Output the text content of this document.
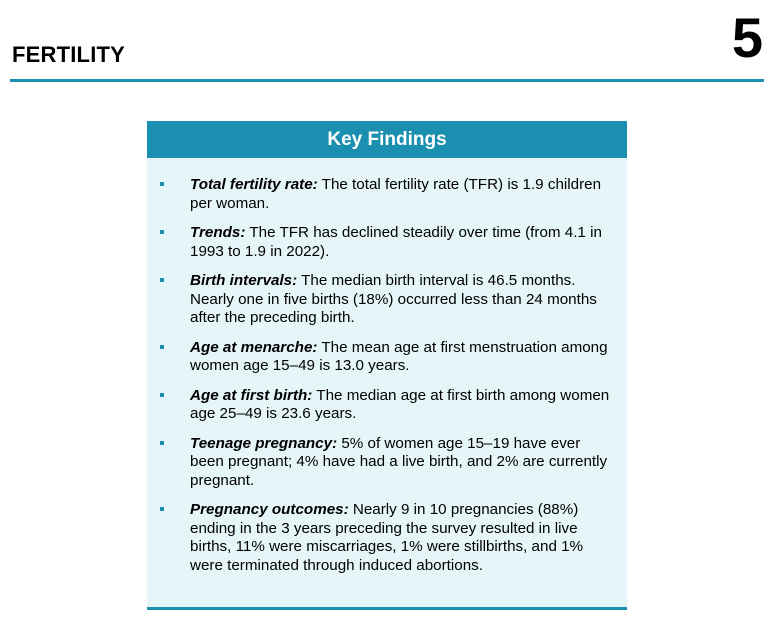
FERTILITY	5
Key Findings
Total fertility rate: The total fertility rate (TFR) is 1.9 children per woman.
Trends: The TFR has declined steadily over time (from 4.1 in 1993 to 1.9 in 2022).
Birth intervals: The median birth interval is 46.5 months. Nearly one in five births (18%) occurred less than 24 months after the preceding birth.
Age at menarche: The mean age at first menstruation among women age 15–49 is 13.0 years.
Age at first birth: The median age at first birth among women age 25–49 is 23.6 years.
Teenage pregnancy: 5% of women age 15–19 have ever been pregnant; 4% have had a live birth, and 2% are currently pregnant.
Pregnancy outcomes: Nearly 9 in 10 pregnancies (88%) ending in the 3 years preceding the survey resulted in live births, 11% were miscarriages, 1% were stillbirths, and 1% were terminated through induced abortions.
